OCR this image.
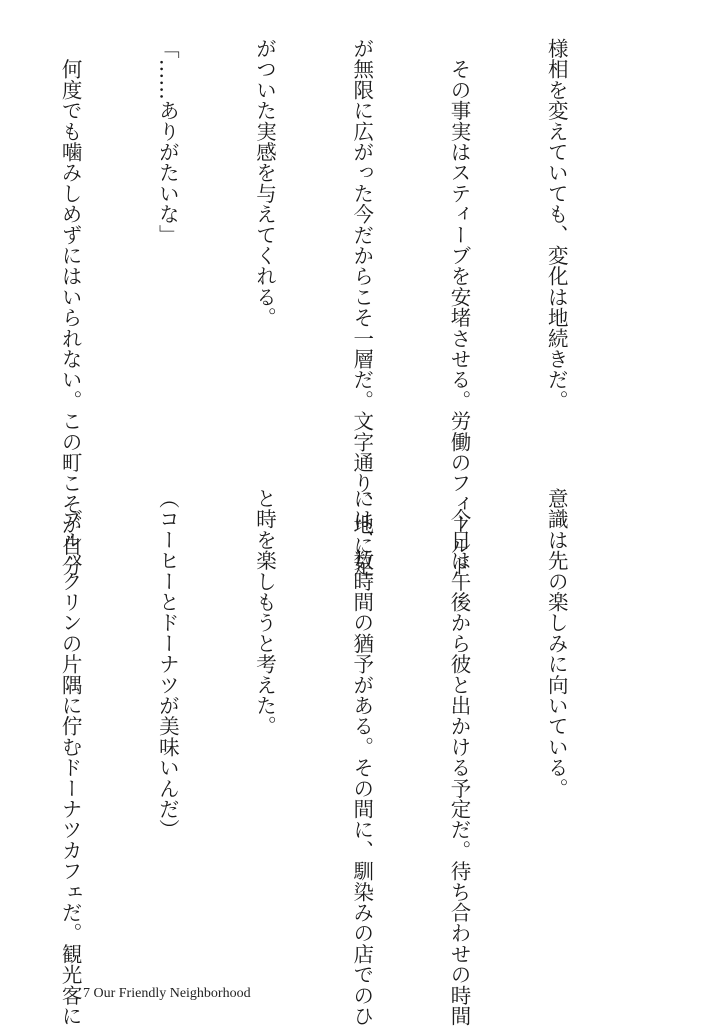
様相を変えていても、変化は地続きだ。

　その事実はスティーブを安堵させる。労働のフィールド

が無限に広がった今だからこそ一層だ。文字通り、地に足

がついた実感を与えてくれる。

「……ありがたいな」

　何度でも噛みしめずにはいられない。この町こそが自分

意識は先の楽しみに向いている。

　今日は午後から彼と出かける予定だ。待ち合わせの時間

には、数時間の猶予がある。その間に、馴染みの店でのひ

と時を楽しもうと考えた。

（コーヒーとドーナツが美味いんだ）

　ブルックリンの片隅に佇むドーナツカフェだ。観光客に

7 Our Friendly Neighborhood
